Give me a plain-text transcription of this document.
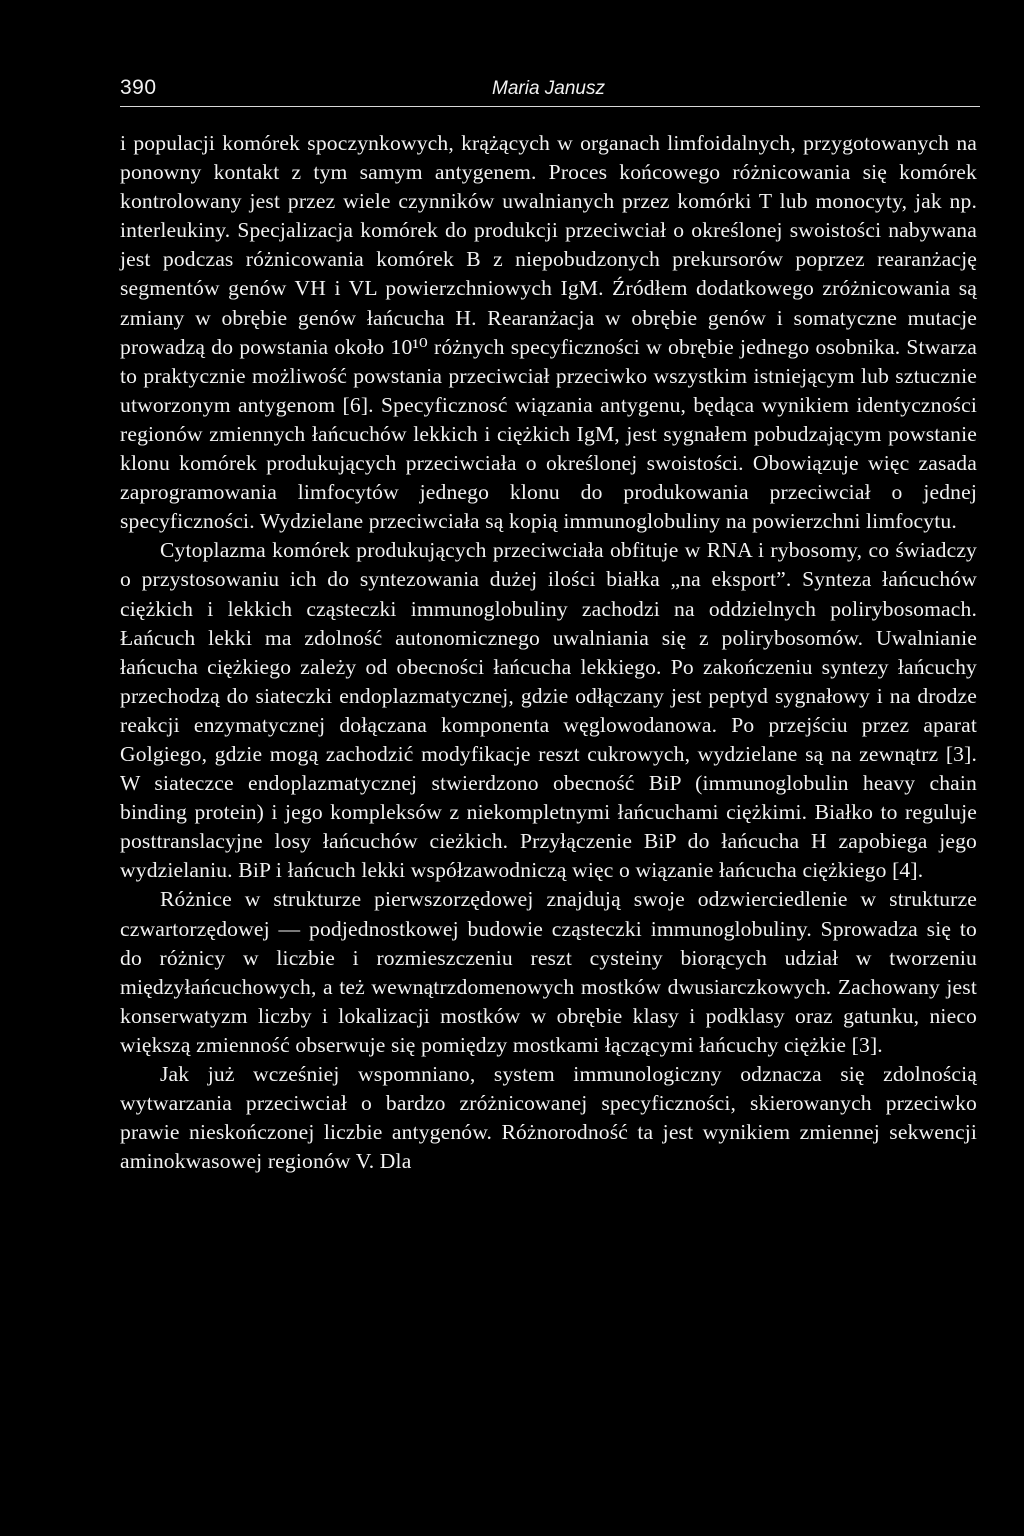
390	Maria Janusz

i populacji komórek spoczynkowych, krążących w organach limfoidalnych, przygotowanych na ponowny kontakt z tym samym antygenem. Proces końcowego różnicowania się komórek kontrolowany jest przez wiele czynników uwalnianych przez komórki T lub monocyty, jak np. interleukiny. Specjalizacja komórek do produkcji przeciwciał o określonej swoistości nabywana jest podczas różnicowania komórek B z niepobudzonych prekursorów poprzez rearanżację segmentów genów VH i VL powierzchniowych IgM. Źródłem dodatkowego zróżnicowania są zmiany w obrębie genów łańcucha H. Rearanżacja w obrębie genów i somatyczne mutacje prowadzą do powstania około 10¹⁰ różnych specyficzności w obrębie jednego osobnika. Stwarza to praktycznie możliwość powstania przeciwciał przeciwko wszystkim istniejącym lub sztucznie utworzonym antygenom [6]. Specyficznosć wiązania antygenu, będąca wynikiem identyczności regionów zmiennych łańcuchów lekkich i ciężkich IgM, jest sygnałem pobudzającym powstanie klonu komórek produkujących przeciwciała o określonej swoistości. Obowiązuje więc zasada zaprogramowania limfocytów jednego klonu do produkowania przeciwciał o jednej specyficzności. Wydzielane przeciwciała są kopią immunoglobuliny na powierzchni limfocytu.

Cytoplazma komórek produkujących przeciwciała obfituje w RNA i rybosomy, co świadczy o przystosowaniu ich do syntezowania dużej ilości białka „na eksport”. Synteza łańcuchów ciężkich i lekkich cząsteczki immunoglobuliny zachodzi na oddzielnych polirybosomach. Łańcuch lekki ma zdolność autonomicznego uwalniania się z polirybosomów. Uwalnianie łańcucha ciężkiego zależy od obecności łańcucha lekkiego. Po zakończeniu syntezy łańcuchy przechodzą do siateczki endoplazmatycznej, gdzie odłączany jest peptyd sygnałowy i na drodze reakcji enzymatycznej dołączana komponenta węglowodanowa. Po przejściu przez aparat Golgiego, gdzie mogą zachodzić modyfikacje reszt cukrowych, wydzielane są na zewnątrz [3]. W siateczce endoplazmatycznej stwierdzono obecność BiP (immunoglobulin heavy chain binding protein) i jego kompleksów z niekompletnymi łańcuchami ciężkimi. Białko to reguluje posttranslacyjne losy łańcuchów cieżkich. Przyłączenie BiP do łańcucha H zapobiega jego wydzielaniu. BiP i łańcuch lekki współzawodniczą więc o wiązanie łańcucha ciężkiego [4].

Różnice w strukturze pierwszorzędowej znajdują swoje odzwierciedlenie w strukturze czwartorzędowej — podjednostkowej budowie cząsteczki immunoglobuliny. Sprowadza się to do różnicy w liczbie i rozmieszczeniu reszt cysteiny biorących udział w tworzeniu międzyłańcuchowych, a też wewnątrzdomenowych mostków dwusiarczkowych. Zachowany jest konserwatyzm liczby i lokalizacji mostków w obrębie klasy i podklasy oraz gatunku, nieco większą zmienność obserwuje się pomiędzy mostkami łączącymi łańcuchy ciężkie [3].

Jak już wcześniej wspomniano, system immunologiczny odznacza się zdolnością wytwarzania przeciwciał o bardzo zróżnicowanej specyficzności, skierowanych przeciwko prawie nieskończonej liczbie antygenów. Różnorodność ta jest wynikiem zmiennej sekwencji aminokwasowej regionów V. Dla
